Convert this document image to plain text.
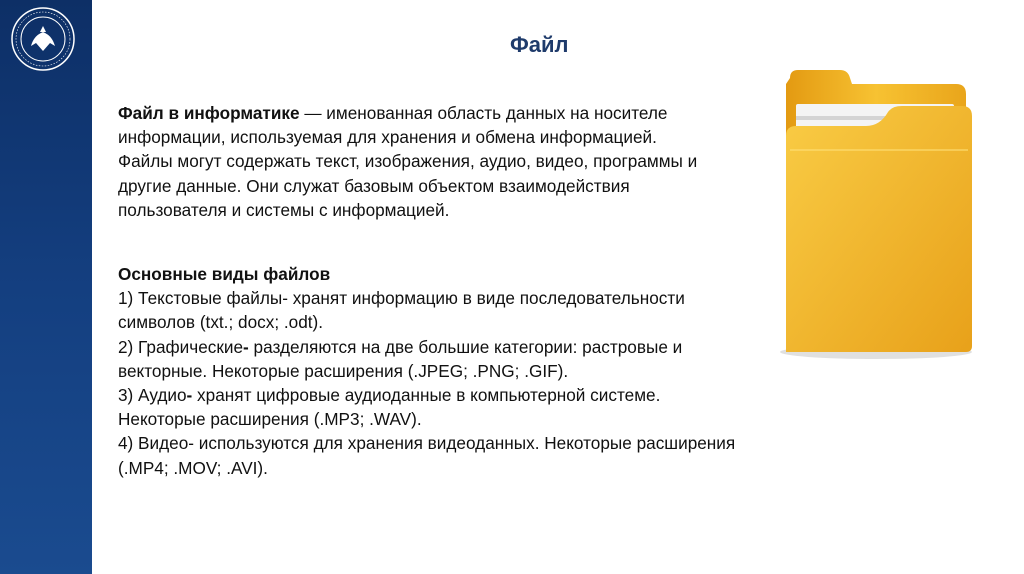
Файл

Файл в информатике — именованная область данных на носителе информации, используемая для хранения и обмена информацией.

Файлы могут содержать текст, изображения, аудио, видео, программы и другие данные. Они служат базовым объектом взаимодействия пользователя и системы с информацией.

Основные виды файлов

1) Текстовые файлы- хранят информацию в виде последовательности символов (txt.; docx; .odt).

2) Графические- разделяются на две большие категории: растровые и векторные. Некоторые расширения (.JPEG; .PNG; .GIF).

3) Аудио- хранят цифровые аудиоданные в компьютерной системе. Некоторые расширения (.MP3; .WAV).

4) Видео- используются для хранения видеоданных. Некоторые расширения (.MP4; .MOV; .AVI).
